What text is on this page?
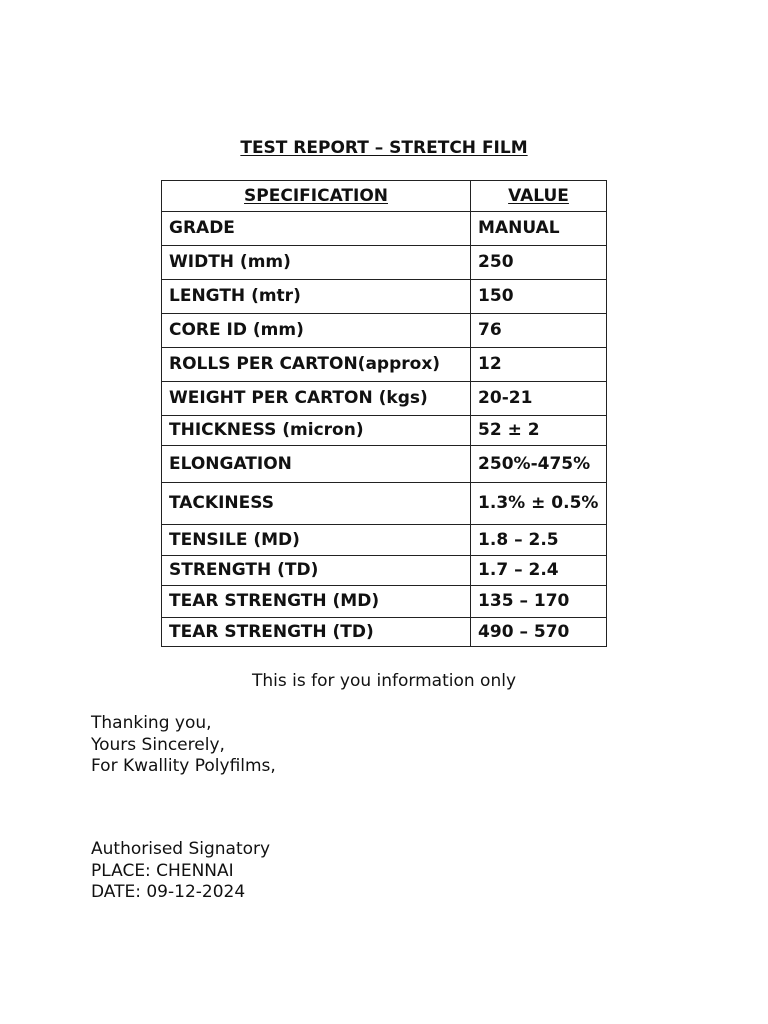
TEST REPORT – STRETCH FILM
SPECIFICATION	VALUE
GRADE	MANUAL
WIDTH (mm)	250
LENGTH (mtr)	150
CORE ID (mm)	76
ROLLS PER CARTON(approx)	12
WEIGHT PER CARTON (kgs)	20-21
THICKNESS (micron)	52 ± 2
ELONGATION	250%-475%
TACKINESS	1.3% ± 0.5%
TENSILE (MD)	1.8 – 2.5
STRENGTH (TD)	1.7 – 2.4
TEAR STRENGTH (MD)	135 – 170
TEAR STRENGTH (TD)	490 – 570
This is for you information only
Thanking you,
Yours Sincerely,
For Kwallity Polyfilms,
Authorised Signatory
PLACE: CHENNAI
DATE: 09-12-2024
